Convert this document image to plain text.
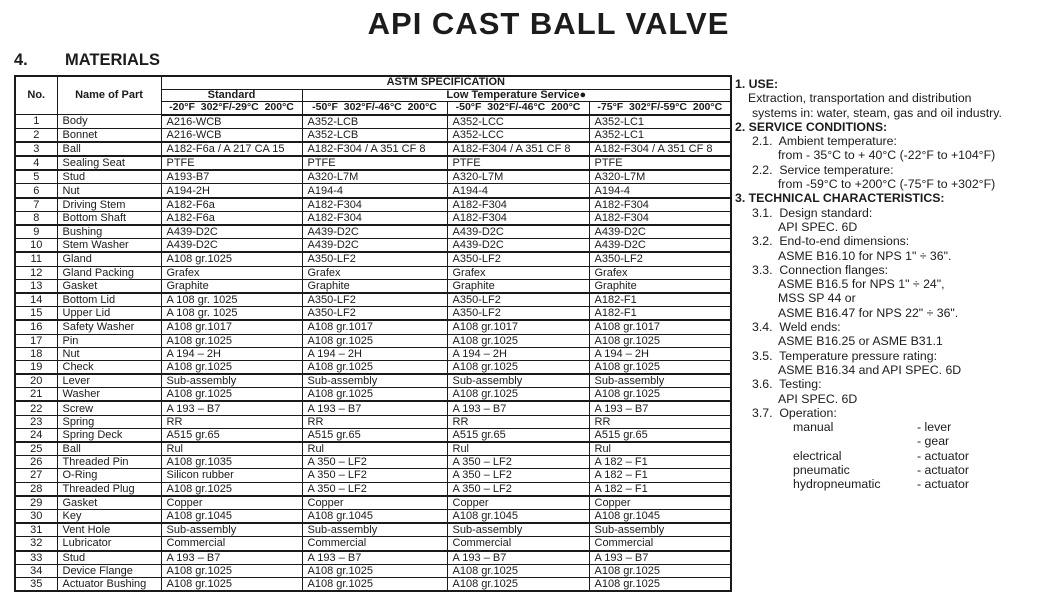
API CAST BALL VALVE
4. MATERIALS
No.	Name of Part	ASTM SPECIFICATION			
		Standard	Low Temperature Service●		
		-20°F  302°F/-29°C  200°C	-50°F  302°F/-46°C  200°C	-50°F  302°F/-46°C  200°C	-75°F  302°F/-59°C  200°C
1	Body	A216-WCB	A352-LCB	A352-LCC	A352-LC1
2	Bonnet	A216-WCB	A352-LCB	A352-LCC	A352-LC1
3	Ball	A182-F6a / A 217 CA 15	A182-F304 / A 351 CF 8	A182-F304 / A 351 CF 8	A182-F304 / A 351 CF 8
4	Sealing Seat	PTFE	PTFE	PTFE	PTFE
5	Stud	A193-B7	A320-L7M	A320-L7M	A320-L7M
6	Nut	A194-2H	A194-4	A194-4	A194-4
7	Driving Stem	A182-F6a	A182-F304	A182-F304	A182-F304
8	Bottom Shaft	A182-F6a	A182-F304	A182-F304	A182-F304
9	Bushing	A439-D2C	A439-D2C	A439-D2C	A439-D2C
10	Stem Washer	A439-D2C	A439-D2C	A439-D2C	A439-D2C
11	Gland	A108 gr.1025	A350-LF2	A350-LF2	A350-LF2
12	Gland Packing	Grafex	Grafex	Grafex	Grafex
13	Gasket	Graphite	Graphite	Graphite	Graphite
14	Bottom Lid	A 108 gr. 1025	A350-LF2	A350-LF2	A182-F1
15	Upper Lid	A 108 gr. 1025	A350-LF2	A350-LF2	A182-F1
16	Safety Washer	A108 gr.1017	A108 gr.1017	A108 gr.1017	A108 gr.1017
17	Pin	A108 gr.1025	A108 gr.1025	A108 gr.1025	A108 gr.1025
18	Nut	A 194 – 2H	A 194 – 2H	A 194 – 2H	A 194 – 2H
19	Check	A108 gr.1025	A108 gr.1025	A108 gr.1025	A108 gr.1025
20	Lever	Sub-assembly	Sub-assembly	Sub-assembly	Sub-assembly
21	Washer	A108 gr.1025	A108 gr.1025	A108 gr.1025	A108 gr.1025
22	Screw	A 193 – B7	A 193 – B7	A 193 – B7	A 193 – B7
23	Spring	RR	RR	RR	RR
24	Spring Deck	A515 gr.65	A515 gr.65	A515 gr.65	A515 gr.65
25	Ball	Rul	Rul	Rul	Rul
26	Threaded Pin	A108 gr.1035	A 350 – LF2	A 350 – LF2	A 182 – F1
27	O-Ring	Silicon rubber	A 350 – LF2	A 350 – LF2	A 182 – F1
28	Threaded Plug	A108 gr.1025	A 350 – LF2	A 350 – LF2	A 182 – F1
29	Gasket	Copper	Copper	Copper	Copper
30	Key	A108 gr.1045	A108 gr.1045	A108 gr.1045	A108 gr.1045
31	Vent Hole	Sub-assembly	Sub-assembly	Sub-assembly	Sub-assembly
32	Lubricator	Commercial	Commercial	Commercial	Commercial
33	Stud	A 193 – B7	A 193 – B7	A 193 – B7	A 193 – B7
34	Device Flange	A108 gr.1025	A108 gr.1025	A108 gr.1025	A108 gr.1025
35	Actuator Bushing	A108 gr.1025	A108 gr.1025	A108 gr.1025	A108 gr.1025
1. USE:
Extraction, transportation and distribution
systems in: water, steam, gas and oil industry.
2. SERVICE CONDITIONS:
2.1.  Ambient temperature:
from - 35°C to + 40°C (-22°F to +104°F)
2.2.  Service temperature:
from -59°C to +200°C (-75°F to +302°F)
3. TECHNICAL CHARACTERISTICS:
3.1.  Design standard:
API SPEC. 6D
3.2.  End-to-end dimensions:
ASME B16.10 for NPS 1" ÷ 36".
3.3.  Connection flanges:
ASME B16.5 for NPS 1" ÷ 24",
MSS SP 44 or
ASME B16.47 for NPS 22" ÷ 36".
3.4.  Weld ends:
ASME B16.25 or ASME B31.1
3.5.  Temperature pressure rating:
ASME B16.34 and API SPEC. 6D
3.6.  Testing:
API SPEC. 6D
3.7.  Operation:
manual	- lever
- gear
electrical	- actuator
pneumatic	- actuator
hydropneumatic	- actuator
